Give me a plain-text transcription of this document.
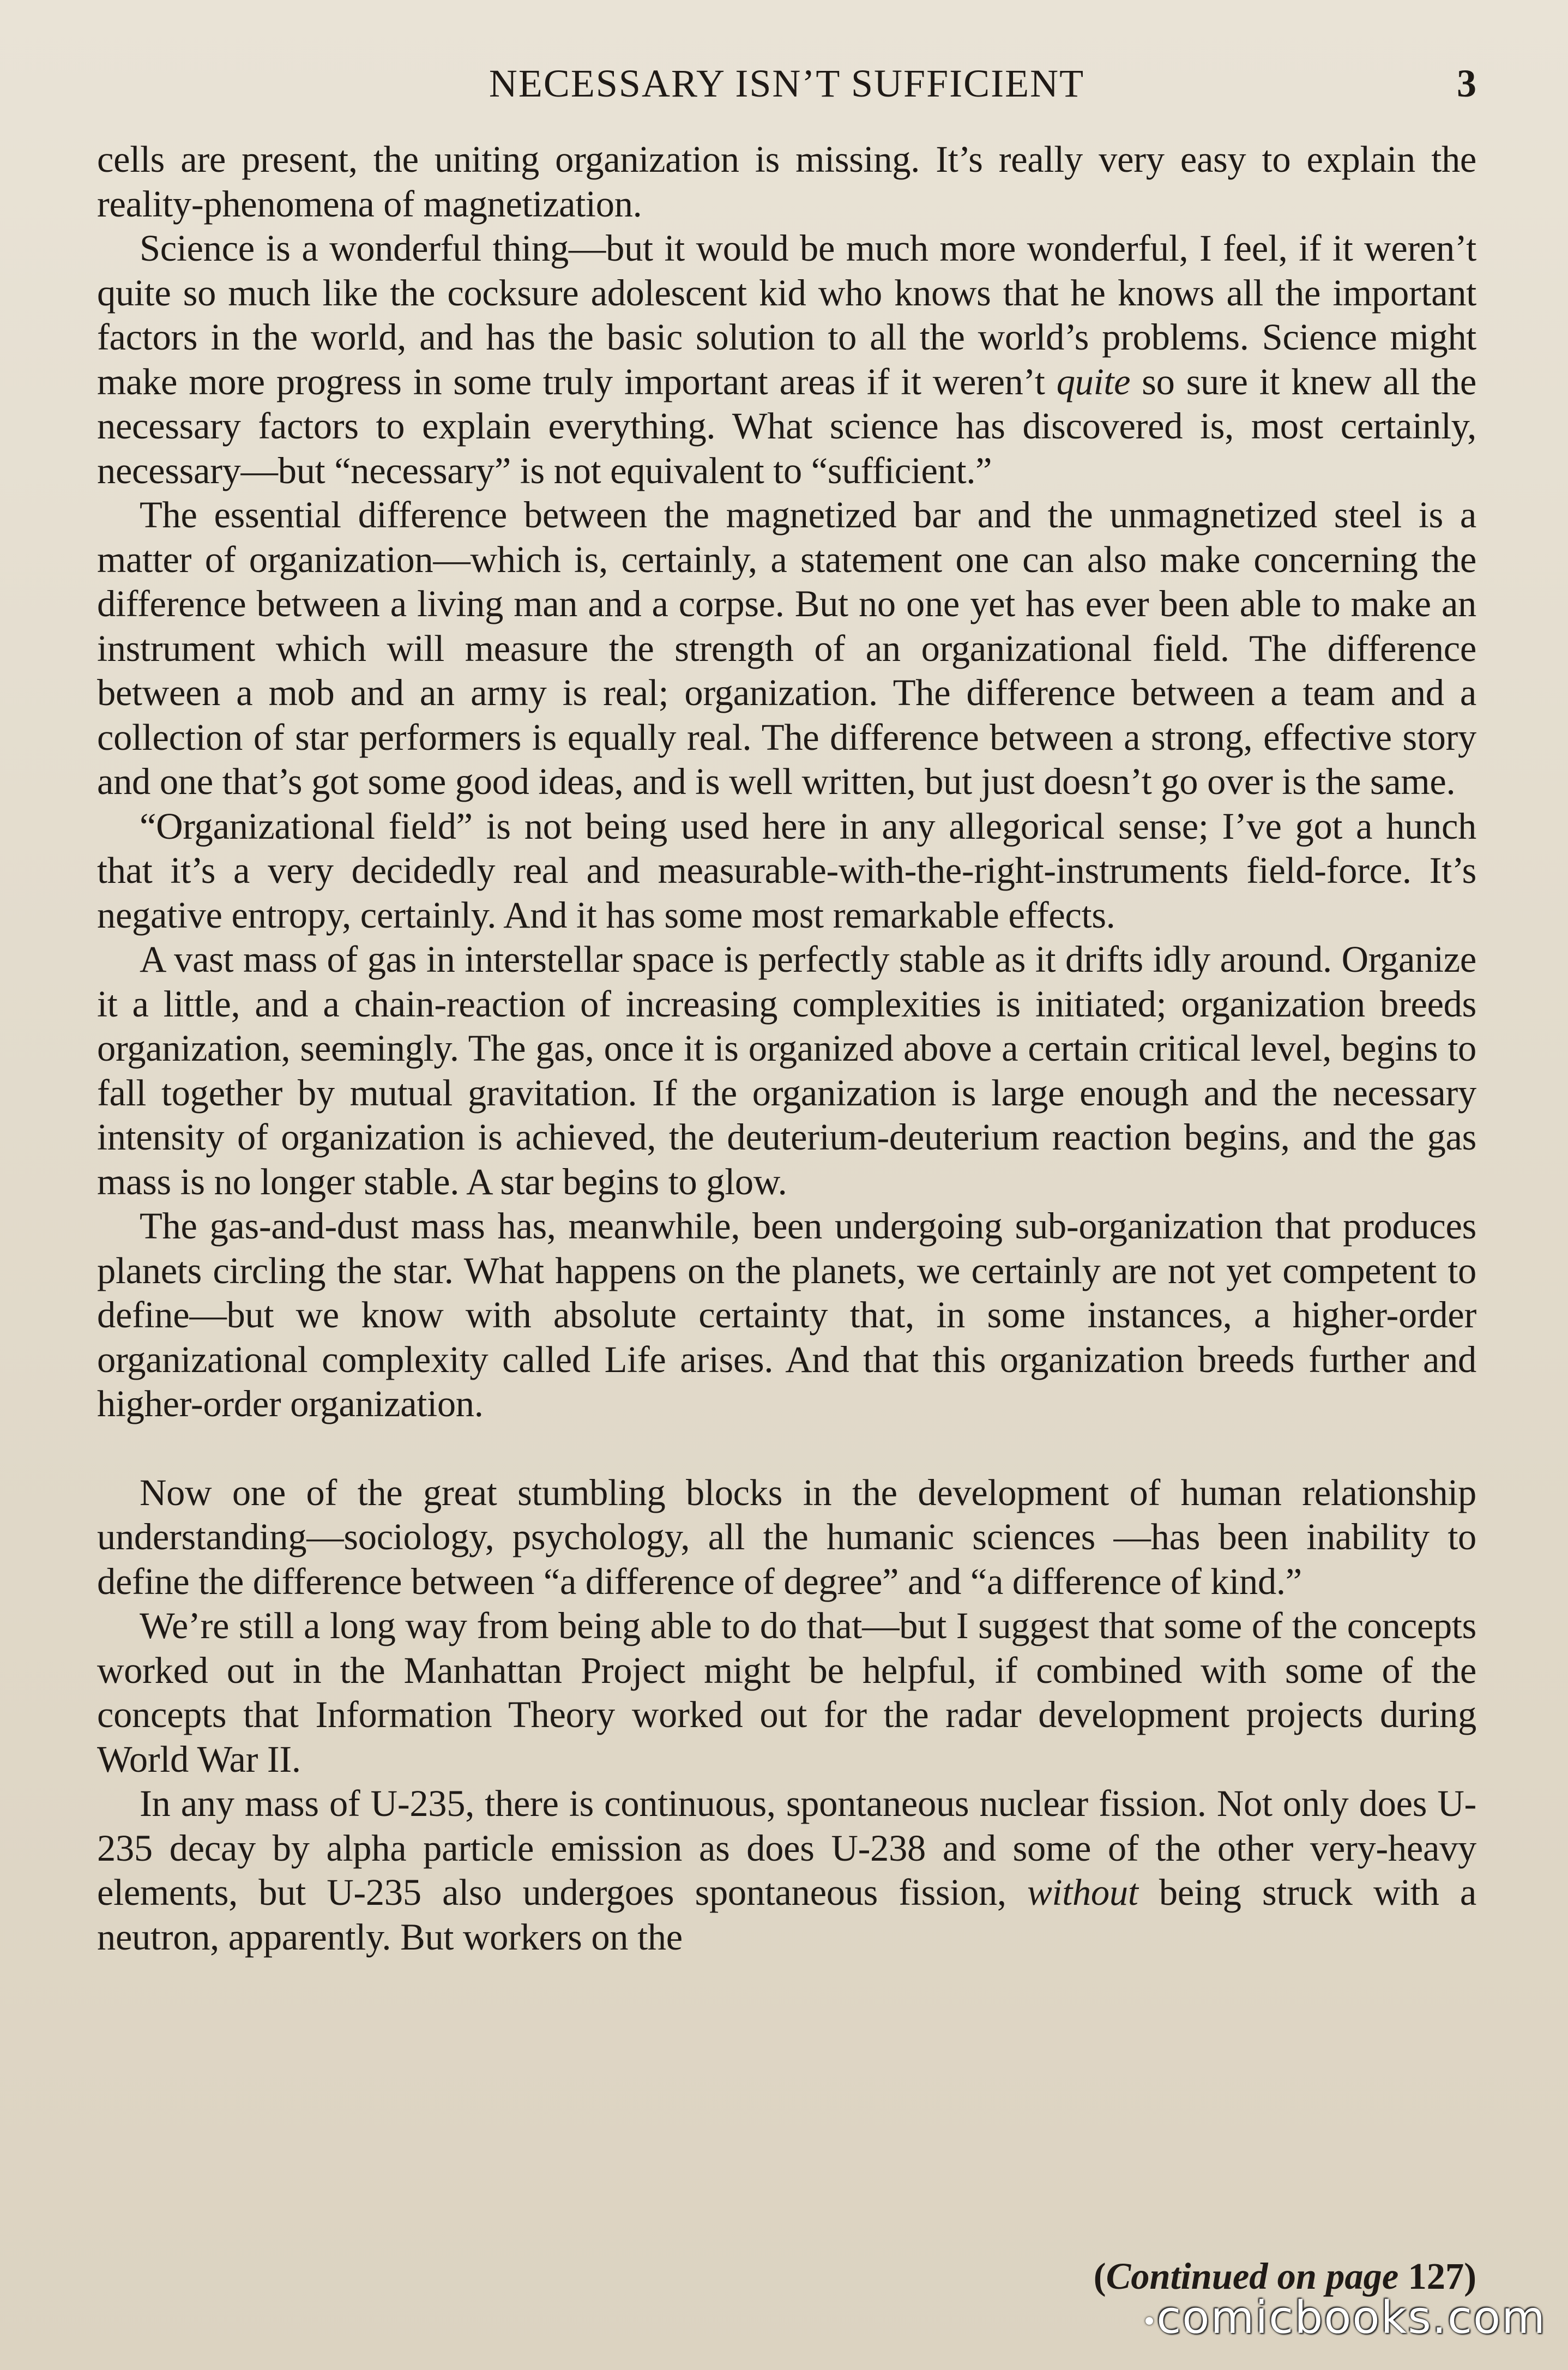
NECESSARY ISN’T SUFFICIENT	3

cells are present, the uniting organization is missing. It’s really very easy to explain the reality-phenomena of magnetization.

Science is a wonderful thing—but it would be much more wonderful, I feel, if it weren’t quite so much like the cocksure adolescent kid who knows that he knows all the important factors in the world, and has the basic solution to all the world’s problems. Science might make more progress in some truly important areas if it weren’t quite so sure it knew all the necessary factors to explain everything. What science has discovered is, most certainly, necessary—but “necessary” is not equivalent to “sufficient.”

The essential difference between the magnetized bar and the unmagnetized steel is a matter of organization—which is, certainly, a statement one can also make concerning the difference between a living man and a corpse. But no one yet has ever been able to make an instrument which will measure the strength of an organizational field. The difference between a mob and an army is real; organization. The difference between a team and a collection of star performers is equally real. The difference between a strong, effective story and one that’s got some good ideas, and is well written, but just doesn’t go over is the same.

“Organizational field” is not being used here in any allegorical sense; I’ve got a hunch that it’s a very decidedly real and measurable-with-the-right-instruments field-force. It’s negative entropy, certainly. And it has some most remarkable effects.

A vast mass of gas in interstellar space is perfectly stable as it drifts idly around. Organize it a little, and a chain-reaction of increasing complexities is initiated; organization breeds organization, seemingly. The gas, once it is organized above a certain critical level, begins to fall together by mutual gravitation. If the organization is large enough and the necessary intensity of organization is achieved, the deuterium-deuterium reaction begins, and the gas mass is no longer stable. A star begins to glow.

The gas-and-dust mass has, meanwhile, been undergoing sub-organization that produces planets circling the star. What happens on the planets, we certainly are not yet competent to define—but we know with absolute certainty that, in some instances, a higher-order organizational complexity called Life arises. And that this organization breeds further and higher-order organization.

Now one of the great stumbling blocks in the development of human relationship understanding—sociology, psychology, all the humanic sciences —has been inability to define the difference between “a difference of degree” and “a difference of kind.”

We’re still a long way from being able to do that—but I suggest that some of the concepts worked out in the Manhattan Project might be helpful, if combined with some of the concepts that Information Theory worked out for the radar development projects during World War II.

In any mass of U-235, there is continuous, spontaneous nuclear fission. Not only does U-235 decay by alpha particle emission as does U-238 and some of the other very-heavy elements, but U-235 also undergoes spontaneous fission, without being struck with a neutron, apparently. But workers on the

(Continued on page 127)
comicbooks.com
